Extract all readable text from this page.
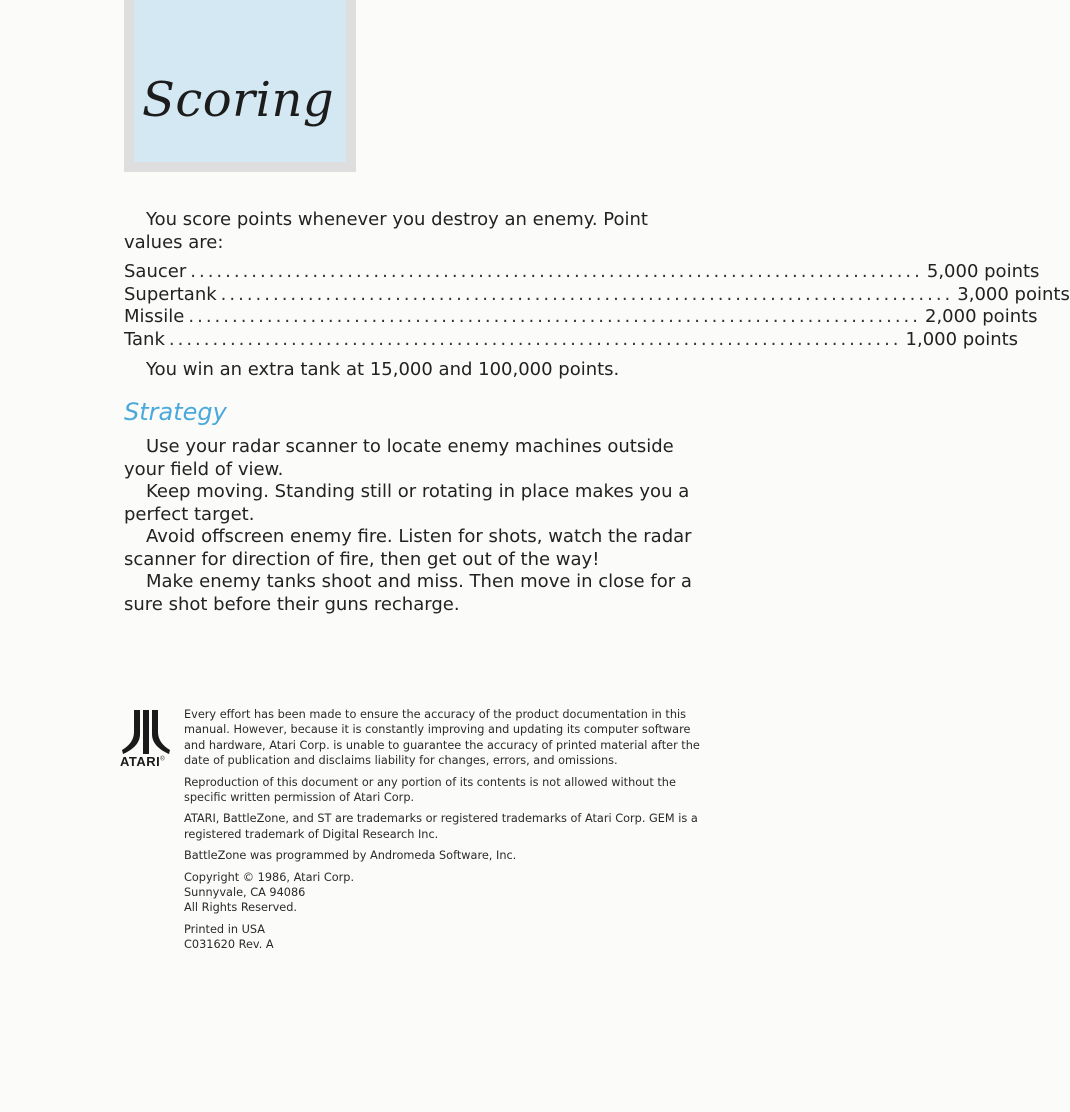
Scoring

You score points whenever you destroy an enemy. Point values are:

Saucer .................................................................................... 5,000 points
Supertank .................................................................................... 3,000 points
Missile .................................................................................... 2,000 points
Tank .................................................................................... 1,000 points

You win an extra tank at 15,000 and 100,000 points.

Strategy

Use your radar scanner to locate enemy machines outside your field of view.

Keep moving. Standing still or rotating in place makes you a perfect target.

Avoid offscreen enemy fire. Listen for shots, watch the radar scanner for direction of fire, then get out of the way!

Make enemy tanks shoot and miss. Then move in close for a sure shot before their guns recharge.

ATARI®

Every effort has been made to ensure the accuracy of the product documentation in this manual. However, because it is constantly improving and updating its computer software and hardware, Atari Corp. is unable to guarantee the accuracy of printed material after the date of publication and disclaims liability for changes, errors, and omissions.

Reproduction of this document or any portion of its contents is not allowed without the specific written permission of Atari Corp.

ATARI, BattleZone, and ST are trademarks or registered trademarks of Atari Corp. GEM is a registered trademark of Digital Research Inc.

BattleZone was programmed by Andromeda Software, Inc.

Copyright © 1986, Atari Corp.

Sunnyvale, CA 94086

All Rights Reserved.

Printed in USA

C031620 Rev. A
